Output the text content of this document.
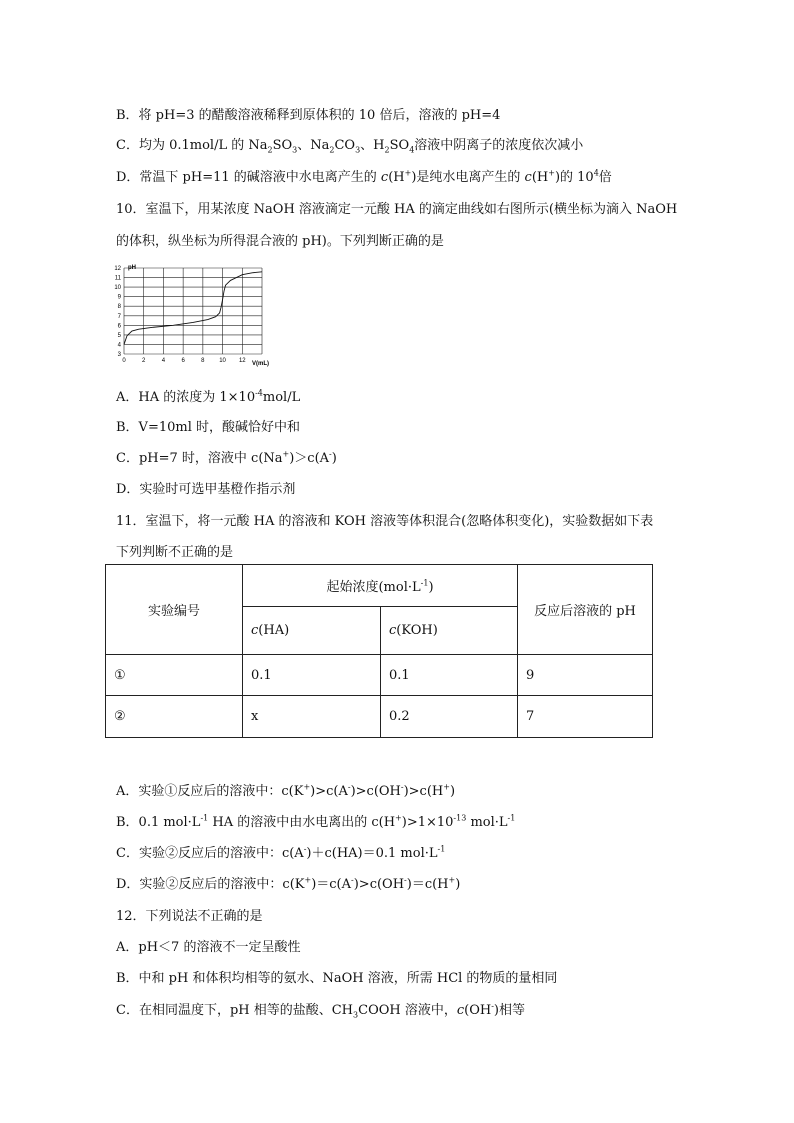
B．将 pH=3 的醋酸溶液稀释到原体积的 10 倍后，溶液的 pH=4
C．均为 0.1mol/L 的 $Na_2SO_3$、$Na_2CO_3$、$H_2SO_4$溶液中阴离子的浓度依次减小
D．常温下 pH=11 的碱溶液中水电离产生的 c(H+)是纯水电离产生的 c(H+)的 $10^4$倍
10．室温下，用某浓度 NaOH 溶液滴定一元酸 HA 的滴定曲线如右图所示(横坐标为滴入 NaOH
的体积，纵坐标为所得混合液的 pH)。下列判断正确的是
3
4
5
6
7
8
9
10
11
12
0	2	4	6	8 10 12
pH
V(mL)
A．HA 的浓度为 $1\times 10^{-4}mol/L$
B．V=10ml 时，酸碱恰好中和
C．pH=7 时，溶液中 c(Na+)＞c(A-)
D．实验时可选甲基橙作指示剂
11．室温下，将一元酸 HA 的溶液和 KOH 溶液等体积混合(忽略体积变化)，实验数据如下表
下列判断不正确的是
实验编号	起始浓度$(mol\cdot L^{-1})$		反应后溶液的 pH
	c(HA)	c(KOH)	
①	0.1	0.1	9
②	x	0.2	7
A．实验①反应后的溶液中：c(K+)>c(A-)>c(OH-)>c(H+)
B．0.1 $mol\cdot L^{-1}$ HA 的溶液中由水电离出的 $c(H^+)>1\times 10^{-13}$ $mol\cdot L^{-1}$
C．实验②反应后的溶液中：c(A-)＋c(HA)＝0.1 $mol\cdot L^{-1}$
D．实验②反应后的溶液中：c(K+)＝c(A-)>c(OH-)＝c(H+)
12．下列说法不正确的是
A．pH＜7 的溶液不一定呈酸性
B．中和 pH 和体积均相等的氨水、NaOH 溶液，所需 HCl 的物质的量相同
C．在相同温度下，pH 相等的盐酸、$CH_3COOH$ 溶液中，c(OH-)相等
